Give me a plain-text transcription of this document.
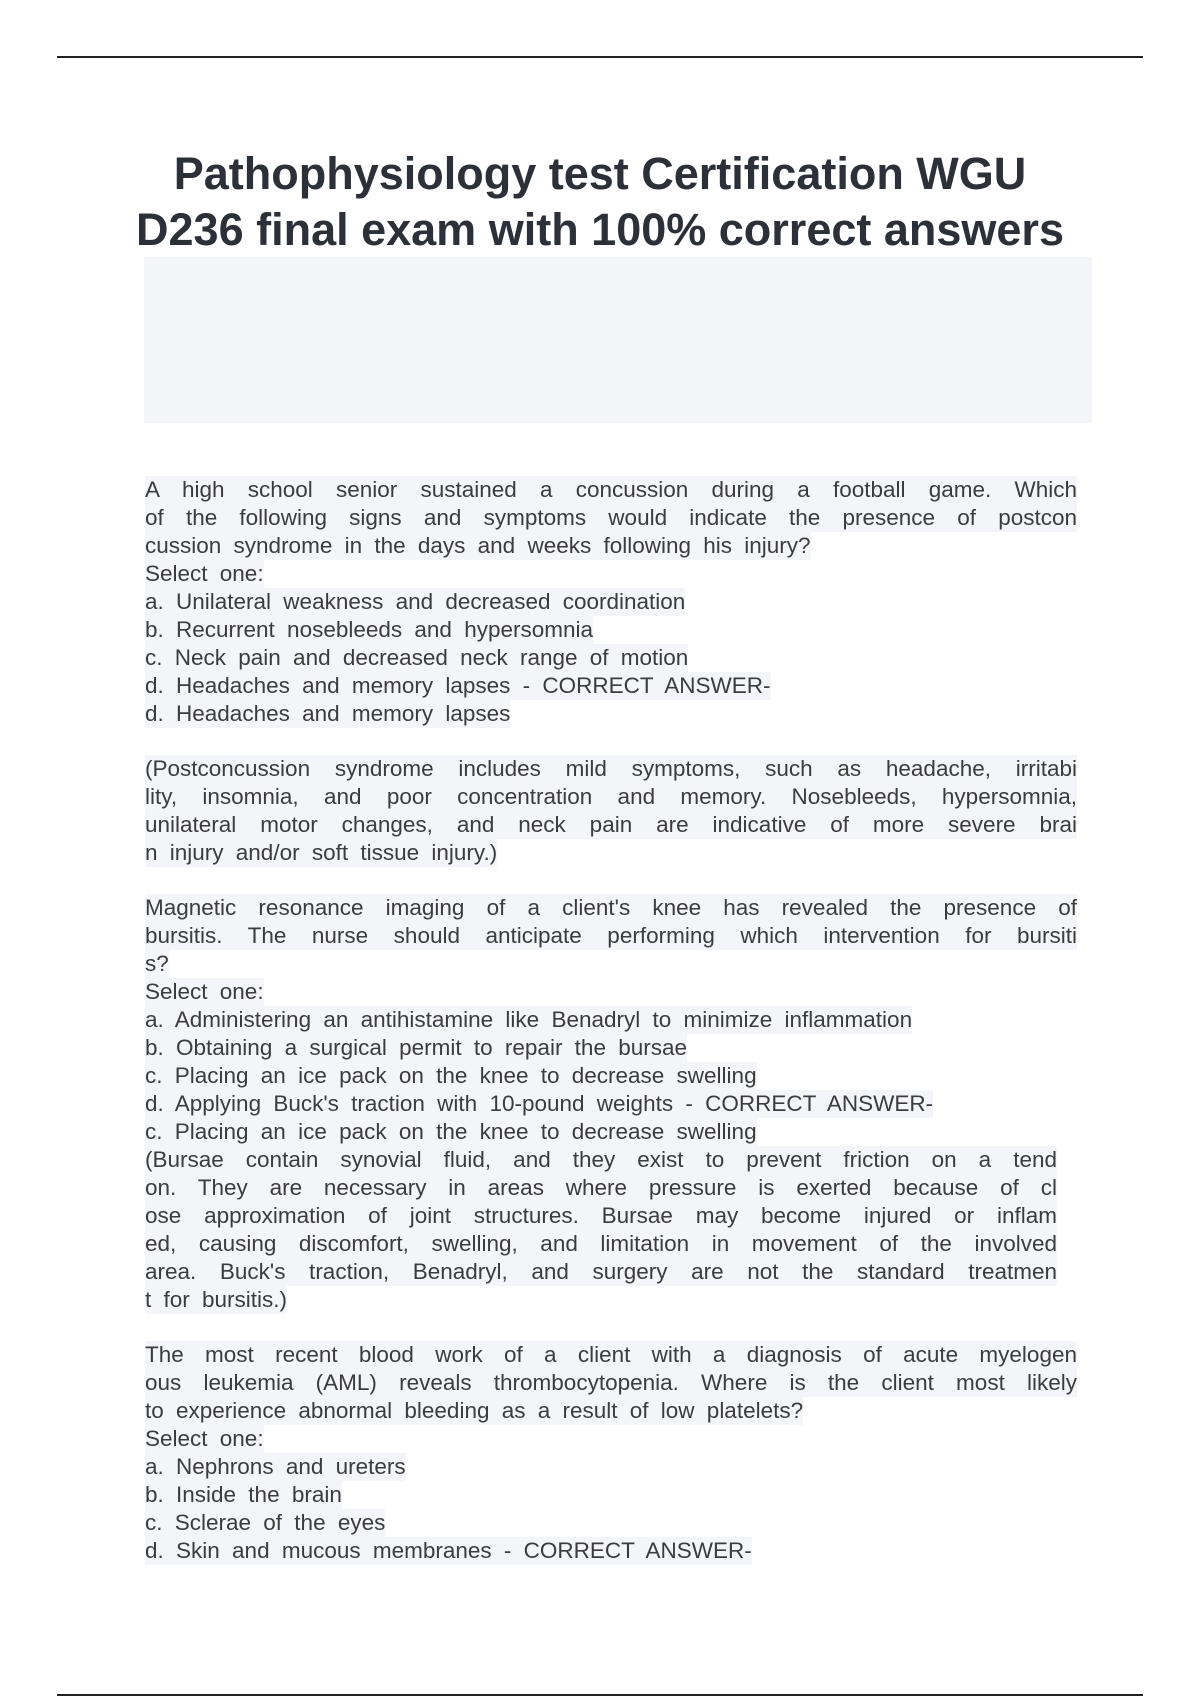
Pathophysiology test Certification WGU
D236 final exam with 100% correct answers
A high school senior sustained a concussion during a football game. Which
of the following signs and symptoms would indicate the presence of postcon
cussion syndrome in the days and weeks following his injury?
Select one:
a. Unilateral weakness and decreased coordination
b. Recurrent nosebleeds and hypersomnia
c. Neck pain and decreased neck range of motion
d. Headaches and memory lapses - CORRECT ANSWER-
d. Headaches and memory lapses
(Postconcussion syndrome includes mild symptoms, such as headache, irritabi
lity, insomnia, and poor concentration and memory. Nosebleeds, hypersomnia,
unilateral motor changes, and neck pain are indicative of more severe brai
n injury and/or soft tissue injury.)
Magnetic resonance imaging of a client's knee has revealed the presence of
bursitis. The nurse should anticipate performing which intervention for bursiti
s?
Select one:
a. Administering an antihistamine like Benadryl to minimize inflammation
b. Obtaining a surgical permit to repair the bursae
c. Placing an ice pack on the knee to decrease swelling
d. Applying Buck's traction with 10-pound weights - CORRECT ANSWER-
c. Placing an ice pack on the knee to decrease swelling
(Bursae contain synovial fluid, and they exist to prevent friction on a tend
on. They are necessary in areas where pressure is exerted because of cl
ose approximation of joint structures. Bursae may become injured or inflam
ed, causing discomfort, swelling, and limitation in movement of the involved
area. Buck's traction, Benadryl, and surgery are not the standard treatmen
t for bursitis.)
The most recent blood work of a client with a diagnosis of acute myelogen
ous leukemia (AML) reveals thrombocytopenia. Where is the client most likely
to experience abnormal bleeding as a result of low platelets?
Select one:
a. Nephrons and ureters
b. Inside the brain
c. Sclerae of the eyes
d. Skin and mucous membranes - CORRECT ANSWER-
